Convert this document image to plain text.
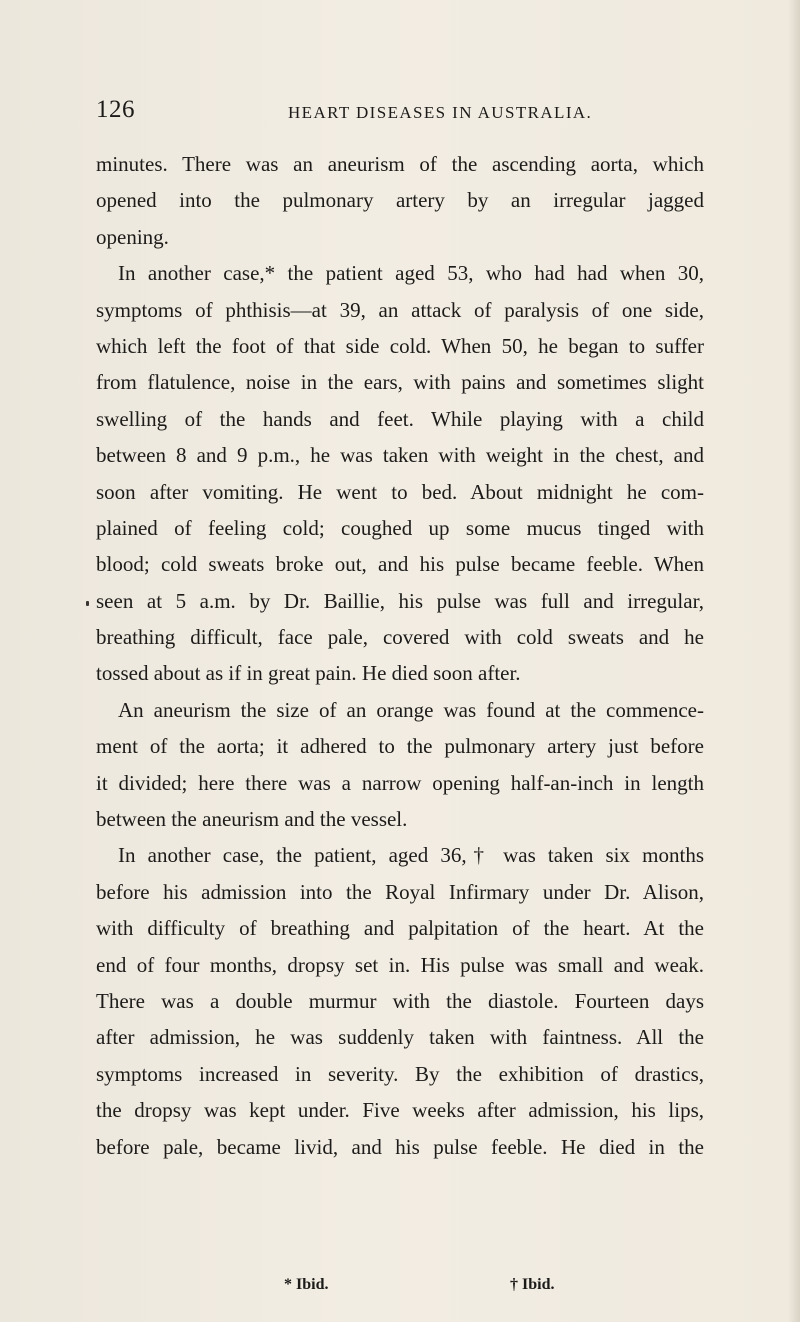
126	HEART DISEASES IN AUSTRALIA.
minutes. There was an aneurism of the ascending aorta, which
opened into the pulmonary artery by an irregular jagged
opening.
In another case,* the patient aged 53, who had had when 30,
symptoms of phthisis—at 39, an attack of paralysis of one side,
which left the foot of that side cold. When 50, he began to suffer
from flatulence, noise in the ears, with pains and sometimes slight
swelling of the hands and feet. While playing with a child
between 8 and 9 p.m., he was taken with weight in the chest, and
soon after vomiting. He went to bed. About midnight he com-
plained of feeling cold; coughed up some mucus tinged with
blood; cold sweats broke out, and his pulse became feeble. When
seen at 5 a.m. by Dr. Baillie, his pulse was full and irregular,
breathing difficult, face pale, covered with cold sweats and he
tossed about as if in great pain. He died soon after.
An aneurism the size of an orange was found at the commence-
ment of the aorta; it adhered to the pulmonary artery just before
it divided; here there was a narrow opening half-an-inch in length
between the aneurism and the vessel.
In another case, the patient, aged 36,† was taken six months
before his admission into the Royal Infirmary under Dr. Alison,
with difficulty of breathing and palpitation of the heart. At the
end of four months, dropsy set in. His pulse was small and weak.
There was a double murmur with the diastole. Fourteen days
after admission, he was suddenly taken with faintness. All the
symptoms increased in severity. By the exhibition of drastics,
the dropsy was kept under. Five weeks after admission, his lips,
before pale, became livid, and his pulse feeble. He died in the
* Ibid.	† Ibid.
